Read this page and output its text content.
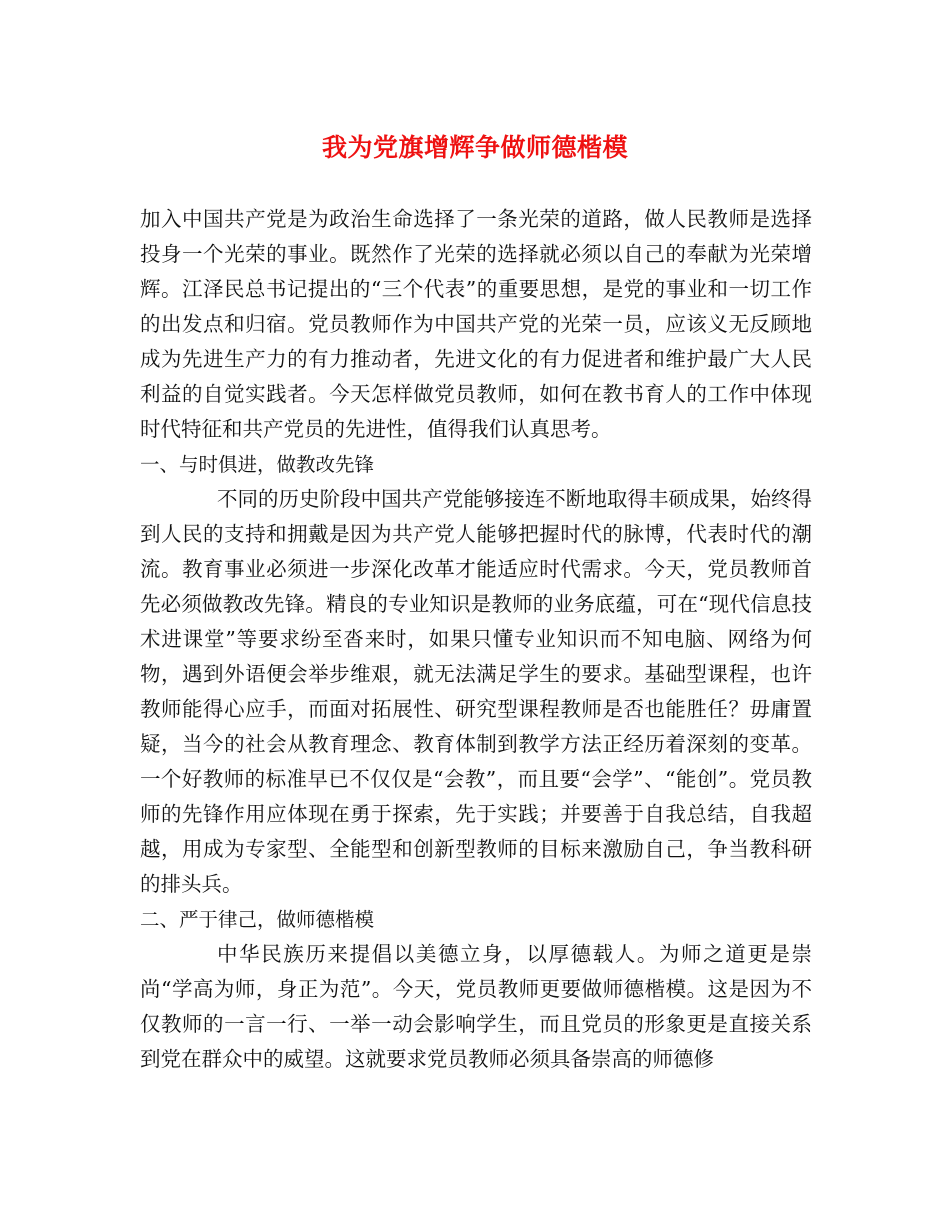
我为党旗增辉争做师德楷模

加入中国共产党是为政治生命选择了一条光荣的道路，做人民教师是选择投身一个光荣的事业。既然作了光荣的选择就必须以自己的奉献为光荣增辉。江泽民总书记提出的“三个代表”的重要思想，是党的事业和一切工作的出发点和归宿。党员教师作为中国共产党的光荣一员，应该义无反顾地成为先进生产力的有力推动者，先进文化的有力促进者和维护最广大人民利益的自觉实践者。今天怎样做党员教师，如何在教书育人的工作中体现时代特征和共产党员的先进性，值得我们认真思考。

一、与时俱进，做教改先锋

不同的历史阶段中国共产党能够接连不断地取得丰硕成果，始终得到人民的支持和拥戴是因为共产党人能够把握时代的脉博，代表时代的潮流。教育事业必须进一步深化改革才能适应时代需求。今天，党员教师首先必须做教改先锋。精良的专业知识是教师的业务底蕴，可在“现代信息技术进课堂”等要求纷至沓来时，如果只懂专业知识而不知电脑、网络为何物，遇到外语便会举步维艰，就无法满足学生的要求。基础型课程，也许教师能得心应手，而面对拓展性、研究型课程教师是否也能胜任？毋庸置疑，当今的社会从教育理念、教育体制到教学方法正经历着深刻的变革。一个好教师的标准早已不仅仅是“会教”，而且要“会学”、“能创”。党员教师的先锋作用应体现在勇于探索，先于实践；并要善于自我总结，自我超越，用成为专家型、全能型和创新型教师的目标来激励自己，争当教科研的排头兵。

二、严于律己，做师德楷模

中华民族历来提倡以美德立身，以厚德载人。为师之道更是崇尚“学高为师，身正为范”。今天，党员教师更要做师德楷模。这是因为不仅教师的一言一行、一举一动会影响学生，而且党员的形象更是直接关系到党在群众中的威望。这就要求党员教师必须具备崇高的师德修
